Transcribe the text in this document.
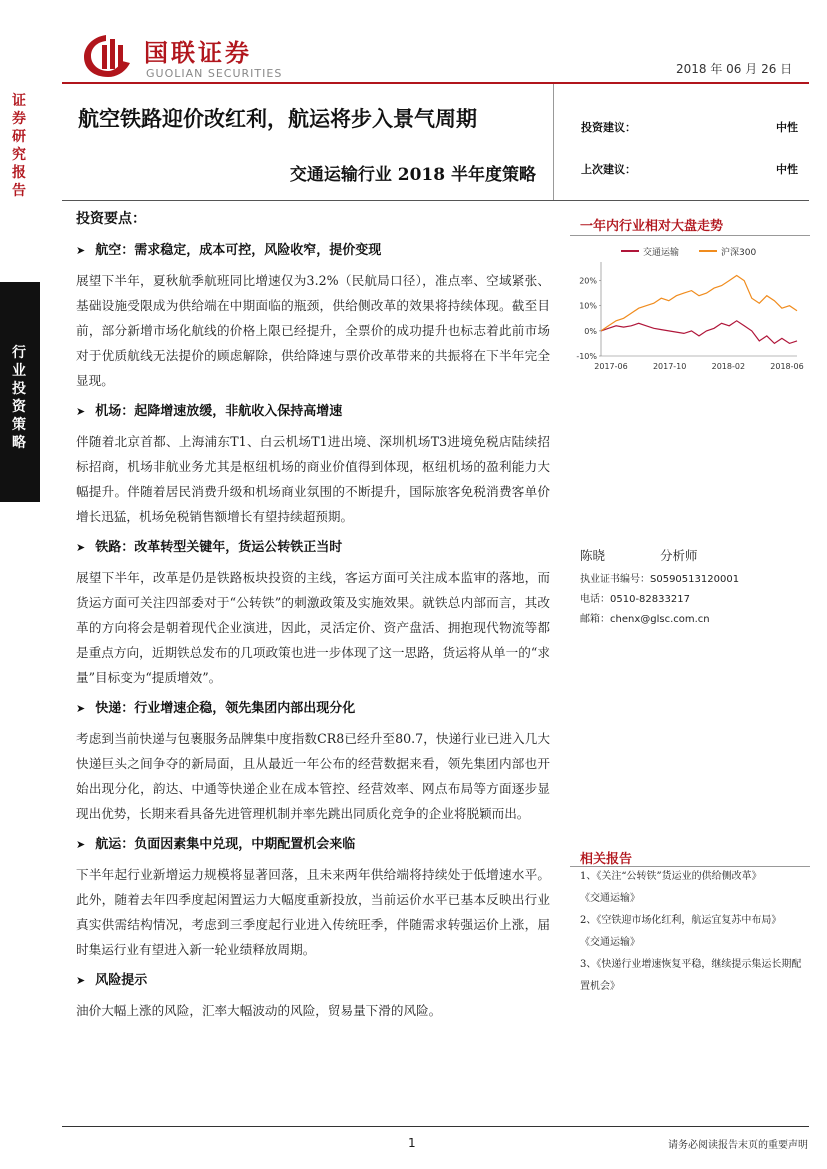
证券研究报告
行业投资策略
国联证券
GUOLIAN SECURITIES	2018 年 06 月 26 日
航空铁路迎价改红利，航运将步入景气周期
交通运输行业 2018 半年度策略
投资建议：	中性
上次建议：	中性
投资要点：
➤ 航空：需求稳定，成本可控，风险收窄，提价变现
展望下半年，夏秋航季航班同比增速仅为3.2%（民航局口径），准点率、空域紧张、基础设施受限成为供给端在中期面临的瓶颈，供给侧改革的效果将持续体现。截至目前，部分新增市场化航线的价格上限已经提升，全票价的成功提升也标志着此前市场对于优质航线无法提价的顾虑解除，供给降速与票价改革带来的共振将在下半年完全显现。
➤ 机场：起降增速放缓，非航收入保持高增速
伴随着北京首都、上海浦东T1、白云机场T1进出境、深圳机场T3进境免税店陆续招标招商，机场非航业务尤其是枢纽机场的商业价值得到体现，枢纽机场的盈利能力大幅提升。伴随着居民消费升级和机场商业氛围的不断提升，国际旅客免税消费客单价增长迅猛，机场免税销售额增长有望持续超预期。
➤ 铁路：改革转型关键年，货运公转铁正当时
展望下半年，改革是仍是铁路板块投资的主线，客运方面可关注成本监审的落地，而货运方面可关注四部委对于“公转铁”的刺激政策及实施效果。就铁总内部而言，其改革的方向将会是朝着现代企业演进，因此，灵活定价、资产盘活、拥抱现代物流等都是重点方向，近期铁总发布的几项政策也进一步体现了这一思路，货运将从单一的“求量”目标变为“提质增效”。
➤ 快递：行业增速企稳，领先集团内部出现分化
考虑到当前快递与包裹服务品牌集中度指数CR8已经升至80.7，快递行业已进入几大快递巨头之间争夺的新局面，且从最近一年公布的经营数据来看，领先集团内部也开始出现分化，韵达、中通等快递企业在成本管控、经营效率、网点布局等方面逐步显现出优势，长期来看具备先进管理机制并率先跳出同质化竞争的企业将脱颖而出。
➤ 航运：负面因素集中兑现，中期配置机会来临
下半年起行业新增运力规模将显著回落，且未来两年供给端将持续处于低增速水平。此外，随着去年四季度起闲置运力大幅度重新投放，当前运价水平已基本反映出行业真实供需结构情况，考虑到三季度起行业进入传统旺季，伴随需求转强运价上涨，届时集运行业有望进入新一轮业绩释放周期。
➤ 风险提示
油价大幅上涨的风险，汇率大幅波动的风险，贸易量下滑的风险。
一年内行业相对大盘走势
交通运输	沪深300
20%
10%
0%
-10%
2017-06	2017-10	2018-02	2018-06
陈晓	分析师
执业证书编号：S0590513120001
电话：0510-82833217
邮箱：chenx@glsc.com.cn
相关报告
1、《关注“公转铁”货运业的供给侧改革》
《交通运输》
2、《空铁迎市场化红利，航运宜复苏中布局》
《交通运输》
3、《快递行业增速恢复平稳，继续提示集运长期配置机会》
1	请务必阅读报告末页的重要声明
